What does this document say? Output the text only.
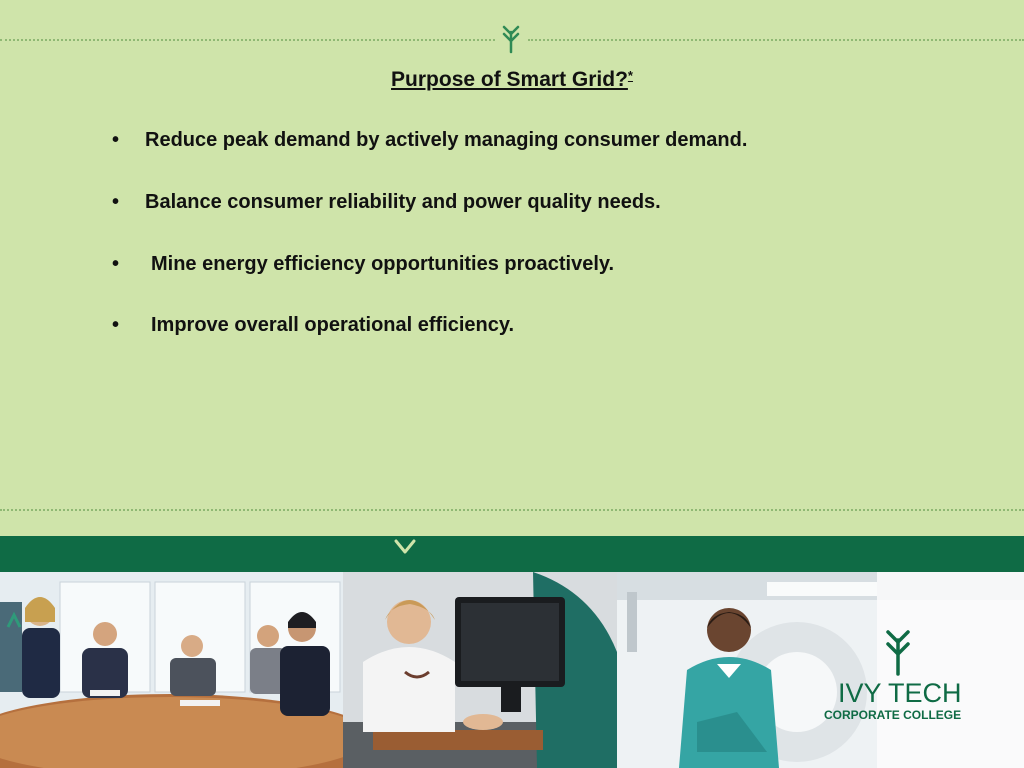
Purpose of Smart Grid?*
• Reduce peak demand by actively managing consumer demand.
• Balance consumer reliability and power quality needs.
• Mine energy efficiency opportunities proactively.
• Improve overall operational efficiency.
IVY TECH
CORPORATE COLLEGE
